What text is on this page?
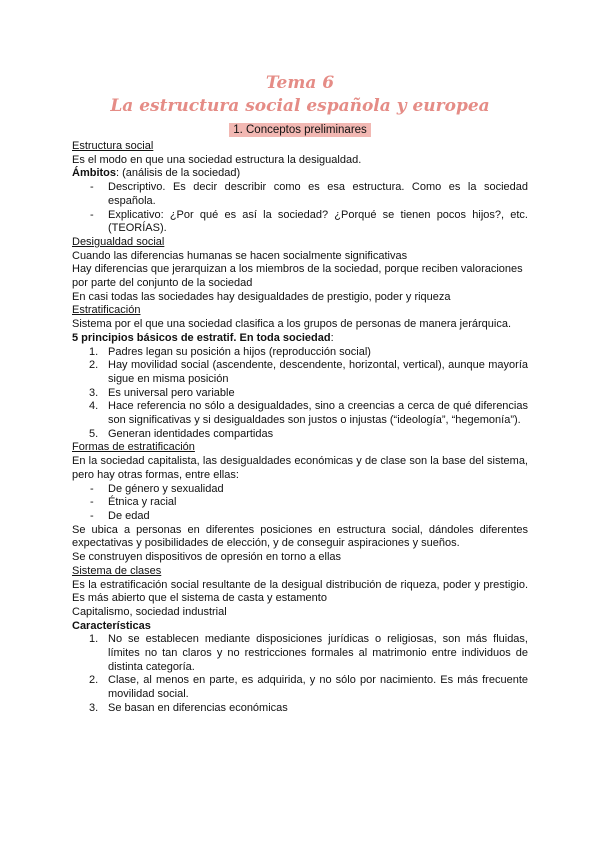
Tema 6
La estructura social española y europea
1. Conceptos preliminares

Estructura social

Es el modo en que una sociedad estructura la desigualdad.

Ámbitos: (análisis de la sociedad)

- Descriptivo. Es decir describir como es esa estructura. Como es la sociedad española.
- Explicativo: ¿Por qué es así la sociedad? ¿Porqué se tienen pocos hijos?, etc. (TEORÍAS).

Desigualdad social

Cuando las diferencias humanas se hacen socialmente significativas

Hay diferencias que jerarquizan a los miembros de la sociedad, porque reciben valoraciones por parte del conjunto de la sociedad

En casi todas las sociedades hay desigualdades de prestigio, poder y riqueza

Estratificación

Sistema por el que una sociedad clasifica a los grupos de personas de manera jerárquica.

5 principios básicos de estratif. En toda sociedad:

1. Padres legan su posición a hijos (reproducción social)
2. Hay movilidad social (ascendente, descendente, horizontal, vertical), aunque mayoría sigue en misma posición
3. Es universal pero variable
4. Hace referencia no sólo a desigualdades, sino a creencias a cerca de qué diferencias son significativas y si desigualdades son justos o injustas (“ideología”, “hegemonía”).
5. Generan identidades compartidas

Formas de estratificación

En la sociedad capitalista, las desigualdades económicas y de clase son la base del sistema, pero hay otras formas, entre ellas:

- De género y sexualidad
- Étnica y racial
- De edad

Se ubica a personas en diferentes posiciones en estructura social, dándoles diferentes expectativas y posibilidades de elección, y de conseguir aspiraciones y sueños.

Se construyen dispositivos de opresión en torno a ellas

Sistema de clases

Es la estratificación social resultante de la desigual distribución de riqueza, poder y prestigio. Es más abierto que el sistema de casta y estamento

Capitalismo, sociedad industrial

Características

1. No se establecen mediante disposiciones jurídicas o religiosas, son más fluidas, límites no tan claros y no restricciones formales al matrimonio entre individuos de distinta categoría.
2. Clase, al menos en parte, es adquirida, y no sólo por nacimiento. Es más frecuente movilidad social.
3. Se basan en diferencias económicas
